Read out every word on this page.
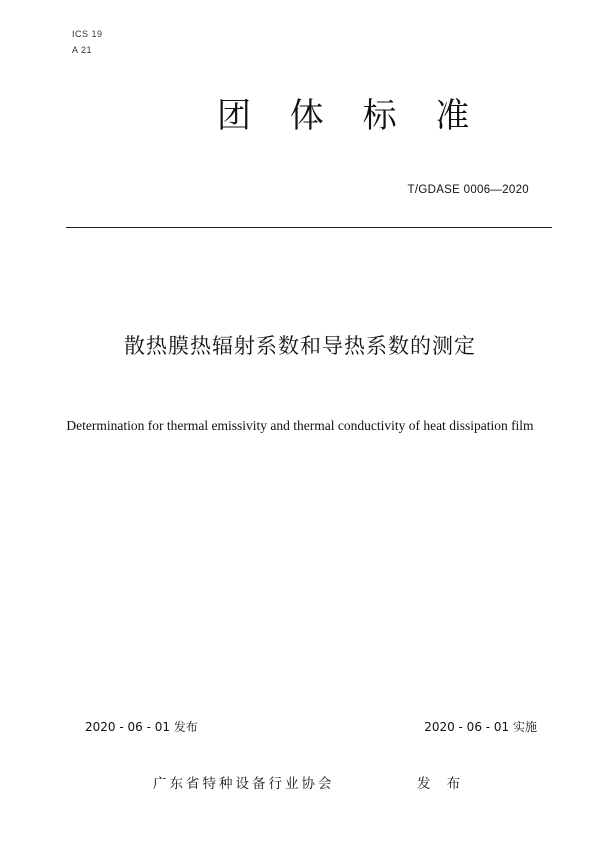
ICS 19
A 21
团 体 标 准
T/GDASE 0006—2020
散热膜热辐射系数和导热系数的测定
Determination for thermal emissivity and thermal conductivity of heat dissipation film
2020 - 06 - 01 发布	2020 - 06 - 01 实施
广东省特种设备行业协会	发 布
